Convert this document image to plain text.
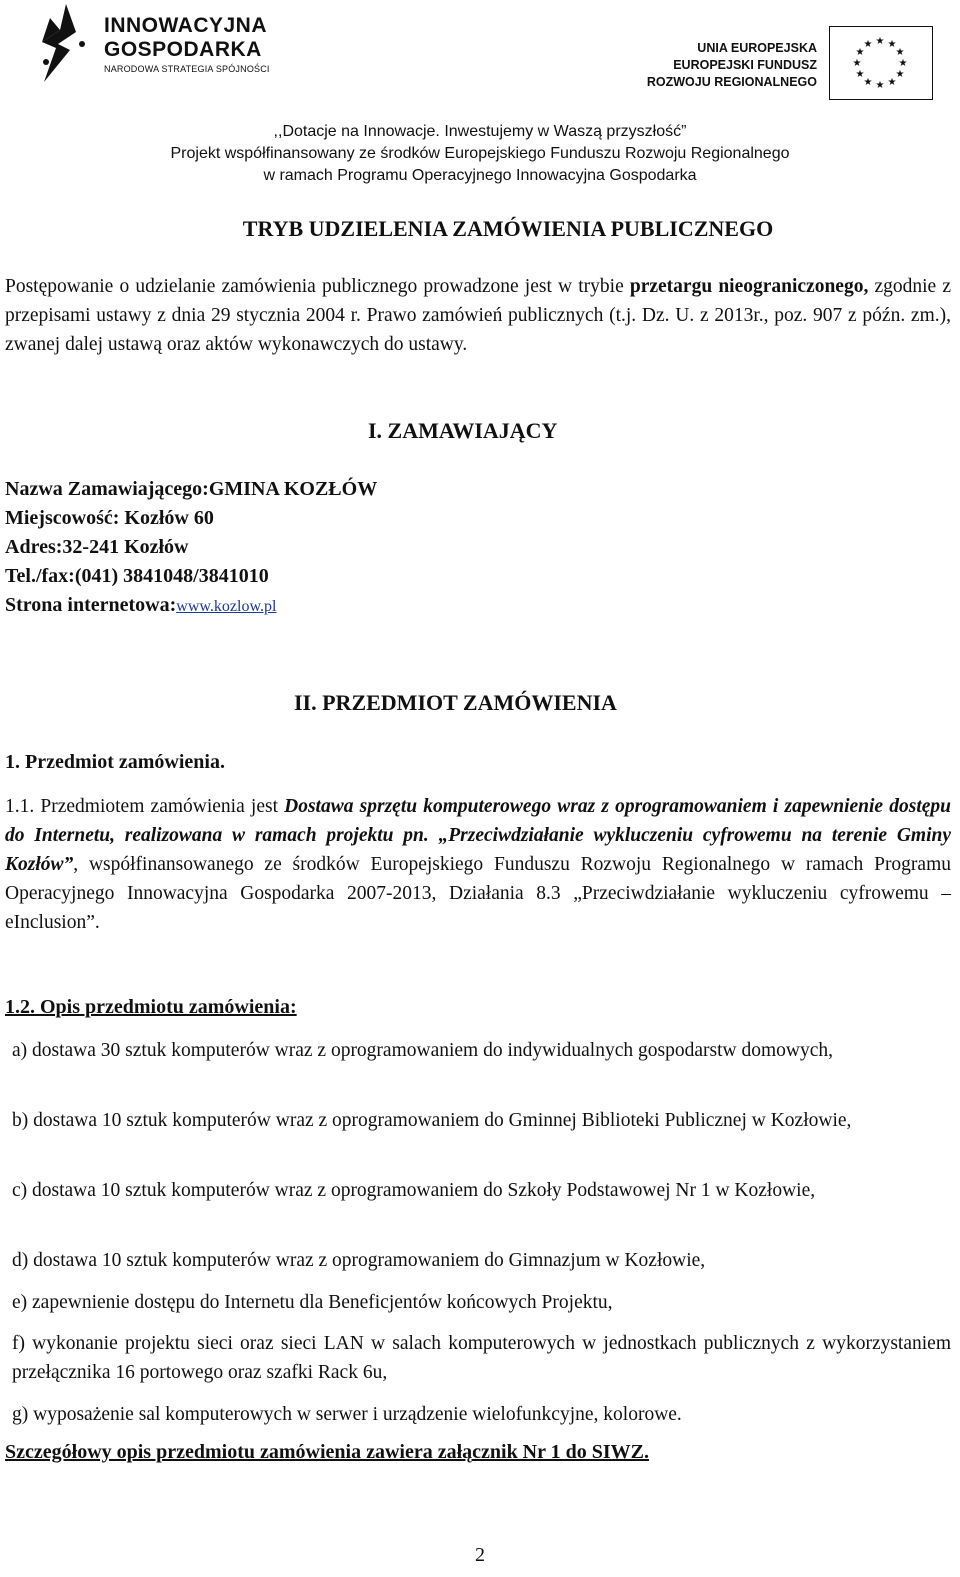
INNOWACYJNA
GOSPODARKA
NARODOWA STRATEGIA SPÓJNOŚCI
UNIA EUROPEJSKA
EUROPEJSKI FUNDUSZ
ROZWOJU REGIONALNEGO
★ ★
★
★
★
★
★
★
★
★
★
★
,,Dotacje na Innowacje. Inwestujemy w Waszą przyszłość”
Projekt współfinansowany ze środków Europejskiego Funduszu Rozwoju Regionalnego
w ramach Programu Operacyjnego Innowacyjna Gospodarka
TRYB UDZIELENIA ZAMÓWIENIA PUBLICZNEGO
Postępowanie o udzielanie zamówienia publicznego prowadzone jest w trybie przetargu nieograniczonego, zgodnie z przepisami ustawy z dnia 29 stycznia 2004 r. Prawo zamówień publicznych (t.j. Dz. U. z 2013r., poz. 907 z późn. zm.), zwanej dalej ustawą oraz aktów wykonawczych do ustawy.
I. ZAMAWIAJĄCY
Nazwa Zamawiającego:GMINA KOZŁÓW
Miejscowość: Kozłów 60
Adres:32-241 Kozłów
Tel./fax:(041) 3841048/3841010
Strona internetowa:www.kozlow.pl
II. PRZEDMIOT ZAMÓWIENIA
1. Przedmiot zamówienia.
1.1. Przedmiotem zamówienia jest Dostawa sprzętu komputerowego wraz z oprogramowaniem i zapewnienie dostępu do Internetu, realizowana w ramach projektu pn. „Przeciwdziałanie wykluczeniu cyfrowemu na terenie Gminy Kozłów”, współfinansowanego ze środków Europejskiego Funduszu Rozwoju Regionalnego w ramach Programu Operacyjnego Innowacyjna Gospodarka 2007-2013, Działania 8.3 „Przeciwdziałanie wykluczeniu cyfrowemu – eInclusion”.
1.2. Opis przedmiotu zamówienia:
a) dostawa 30 sztuk komputerów wraz z oprogramowaniem do indywidualnych gospodarstw domowych,
b) dostawa 10 sztuk komputerów wraz z oprogramowaniem do Gminnej Biblioteki Publicznej w Kozłowie,
c) dostawa 10 sztuk komputerów wraz z oprogramowaniem do Szkoły Podstawowej Nr 1 w Kozłowie,
d) dostawa 10 sztuk komputerów wraz z oprogramowaniem do Gimnazjum w Kozłowie,
e) zapewnienie dostępu do Internetu dla Beneficjentów końcowych Projektu,
f) wykonanie projektu sieci oraz sieci LAN w salach komputerowych w jednostkach publicznych z wykorzystaniem przełącznika 16 portowego oraz szafki Rack 6u,
g) wyposażenie sal komputerowych w serwer i urządzenie wielofunkcyjne, kolorowe.
Szczegółowy opis przedmiotu zamówienia zawiera załącznik Nr 1 do SIWZ.
2
